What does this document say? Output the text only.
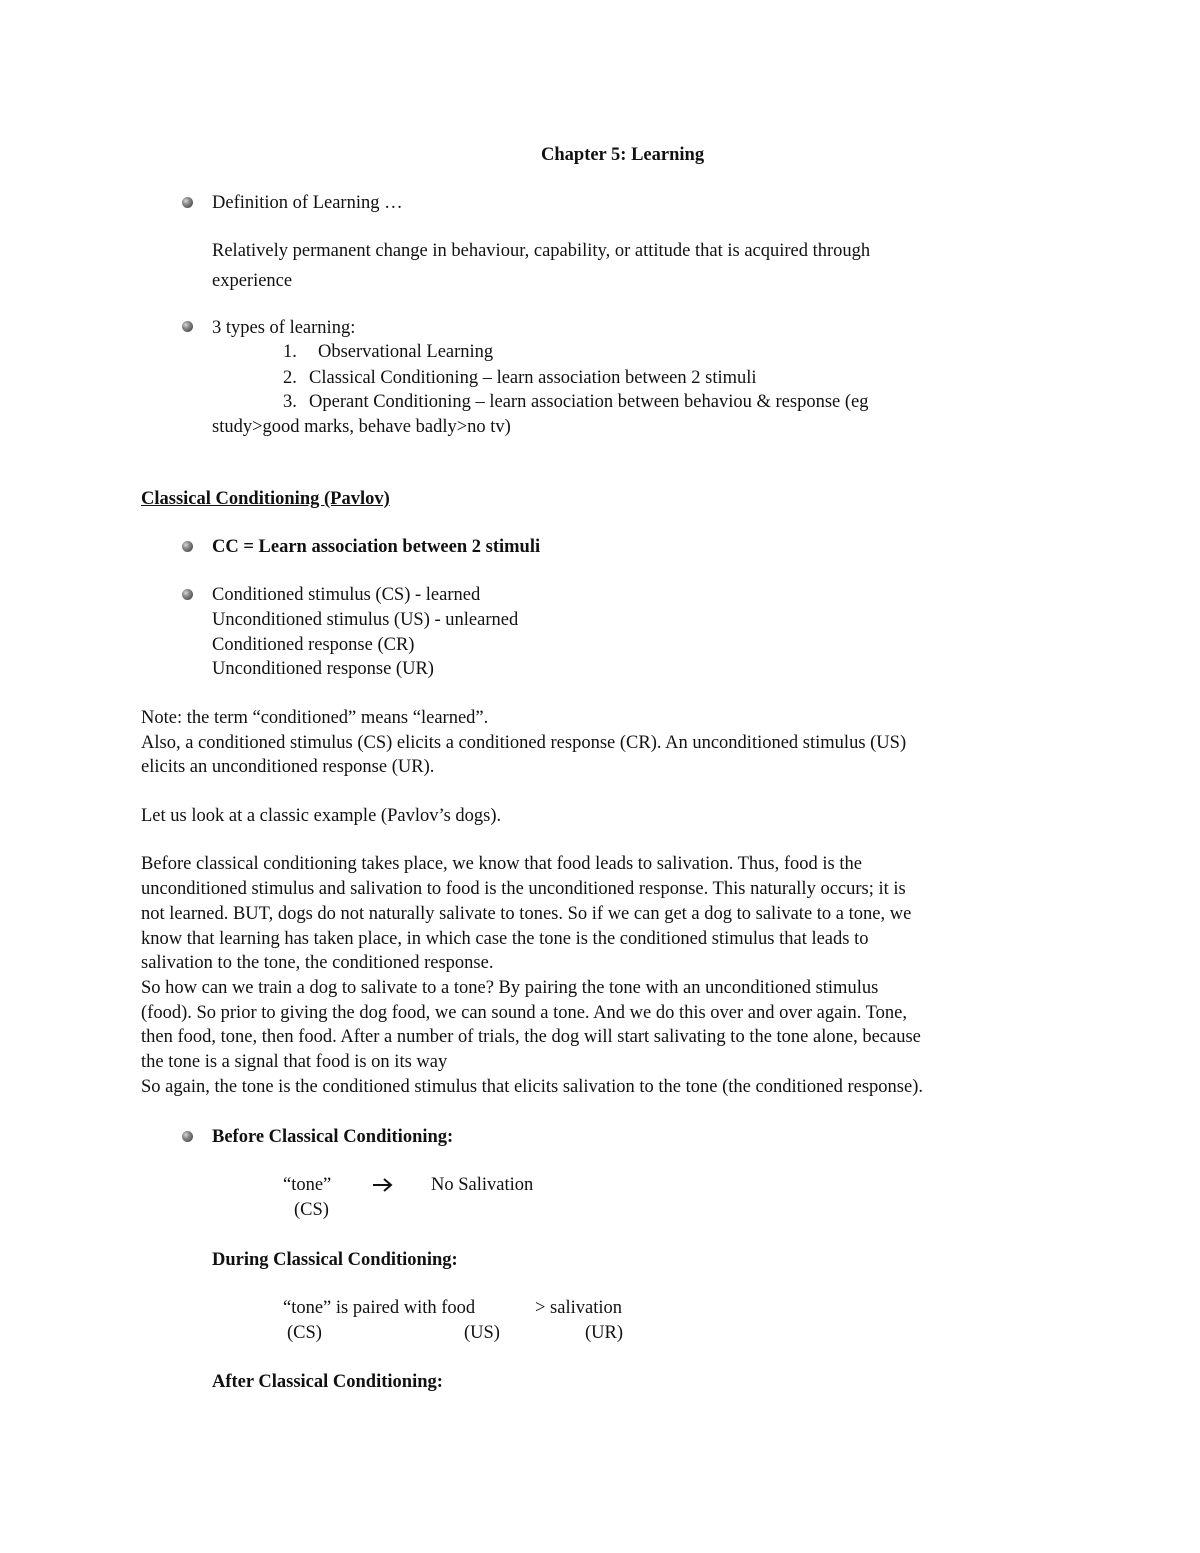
Chapter 5: Learning
Definition of Learning …
Relatively permanent change in behaviour, capability, or attitude that is acquired through
experience
3 types of learning:
1. Observational Learning
2. Classical Conditioning – learn association between 2 stimuli
3. Operant Conditioning – learn association between behaviou & response (eg
study>good marks, behave badly>no tv)
Classical Conditioning (Pavlov)
CC = Learn association between 2 stimuli
Conditioned stimulus (CS) - learned
Unconditioned stimulus (US) - unlearned
Conditioned response (CR)
Unconditioned response (UR)
Note: the term “conditioned” means “learned”.
Also, a conditioned stimulus (CS) elicits a conditioned response (CR). An unconditioned stimulus (US)
elicits an unconditioned response (UR).
Let us look at a classic example (Pavlov’s dogs).
Before classical conditioning takes place, we know that food leads to salivation. Thus, food is the
unconditioned stimulus and salivation to food is the unconditioned response. This naturally occurs; it is
not learned. BUT, dogs do not naturally salivate to tones. So if we can get a dog to salivate to a tone, we
know that learning has taken place, in which case the tone is the conditioned stimulus that leads to
salivation to the tone, the conditioned response.
So how can we train a dog to salivate to a tone? By pairing the tone with an unconditioned stimulus
(food). So prior to giving the dog food, we can sound a tone. And we do this over and over again. Tone,
then food, tone, then food. After a number of trials, the dog will start salivating to the tone alone, because
the tone is a signal that food is on its way
So again, the tone is the conditioned stimulus that elicits salivation to the tone (the conditioned response).
Before Classical Conditioning:
“tone”	No Salivation
(CS)
During Classical Conditioning:
“tone” is paired with food	> salivation
(CS)	(US)	(UR)
After Classical Conditioning:
